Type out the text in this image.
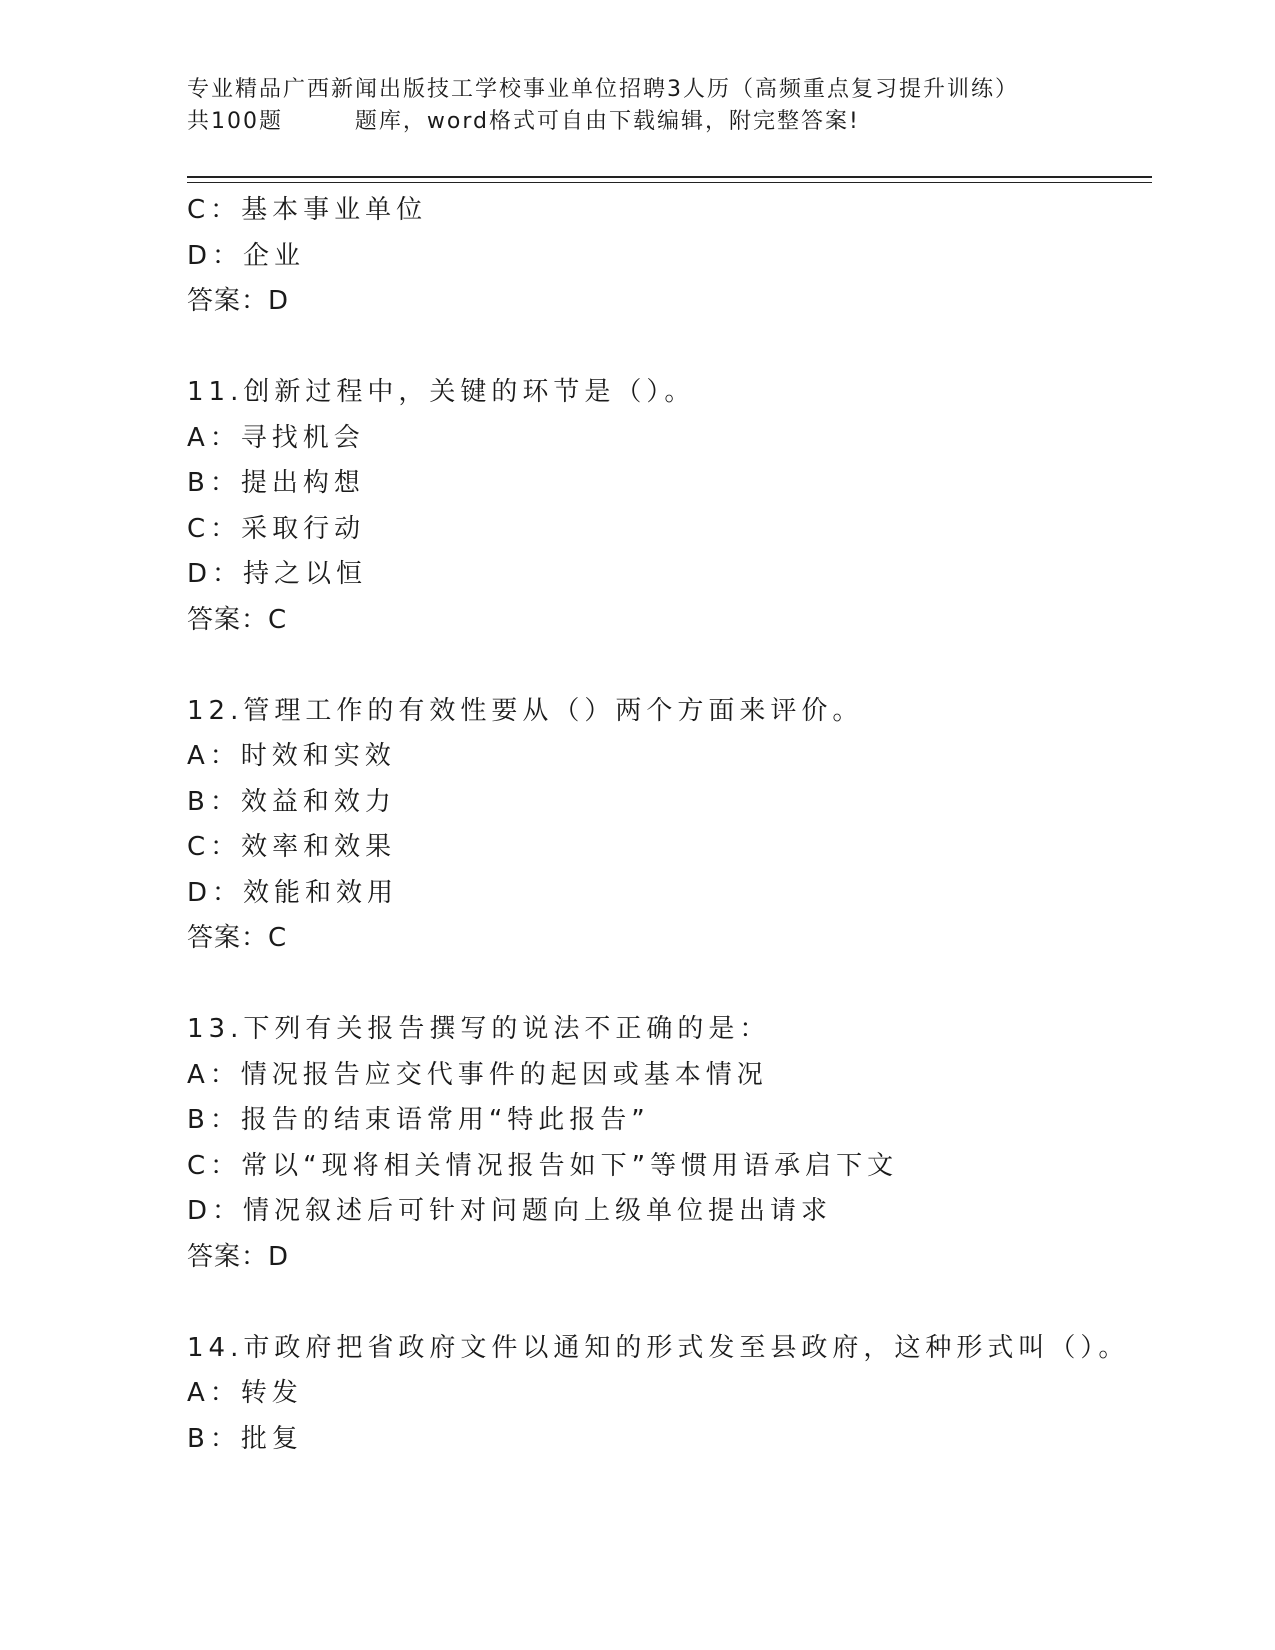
专业精品广西新闻出版技工学校事业单位招聘3人历（高频重点复习提升训练）
共100题        题库，word格式可自由下载编辑，附完整答案!
C：基本事业单位
D：企业
答案：D
11.创新过程中，关键的环节是（）。
A：寻找机会
B：提出构想
C：采取行动
D：持之以恒
答案：C
12.管理工作的有效性要从（）两个方面来评价。
A：时效和实效
B：效益和效力
C：效率和效果
D：效能和效用
答案：C
13.下列有关报告撰写的说法不正确的是：
A：情况报告应交代事件的起因或基本情况
B：报告的结束语常用“特此报告”
C：常以“现将相关情况报告如下”等惯用语承启下文
D：情况叙述后可针对问题向上级单位提出请求
答案：D
14.市政府把省政府文件以通知的形式发至县政府，这种形式叫（）。
A：转发
B：批复
